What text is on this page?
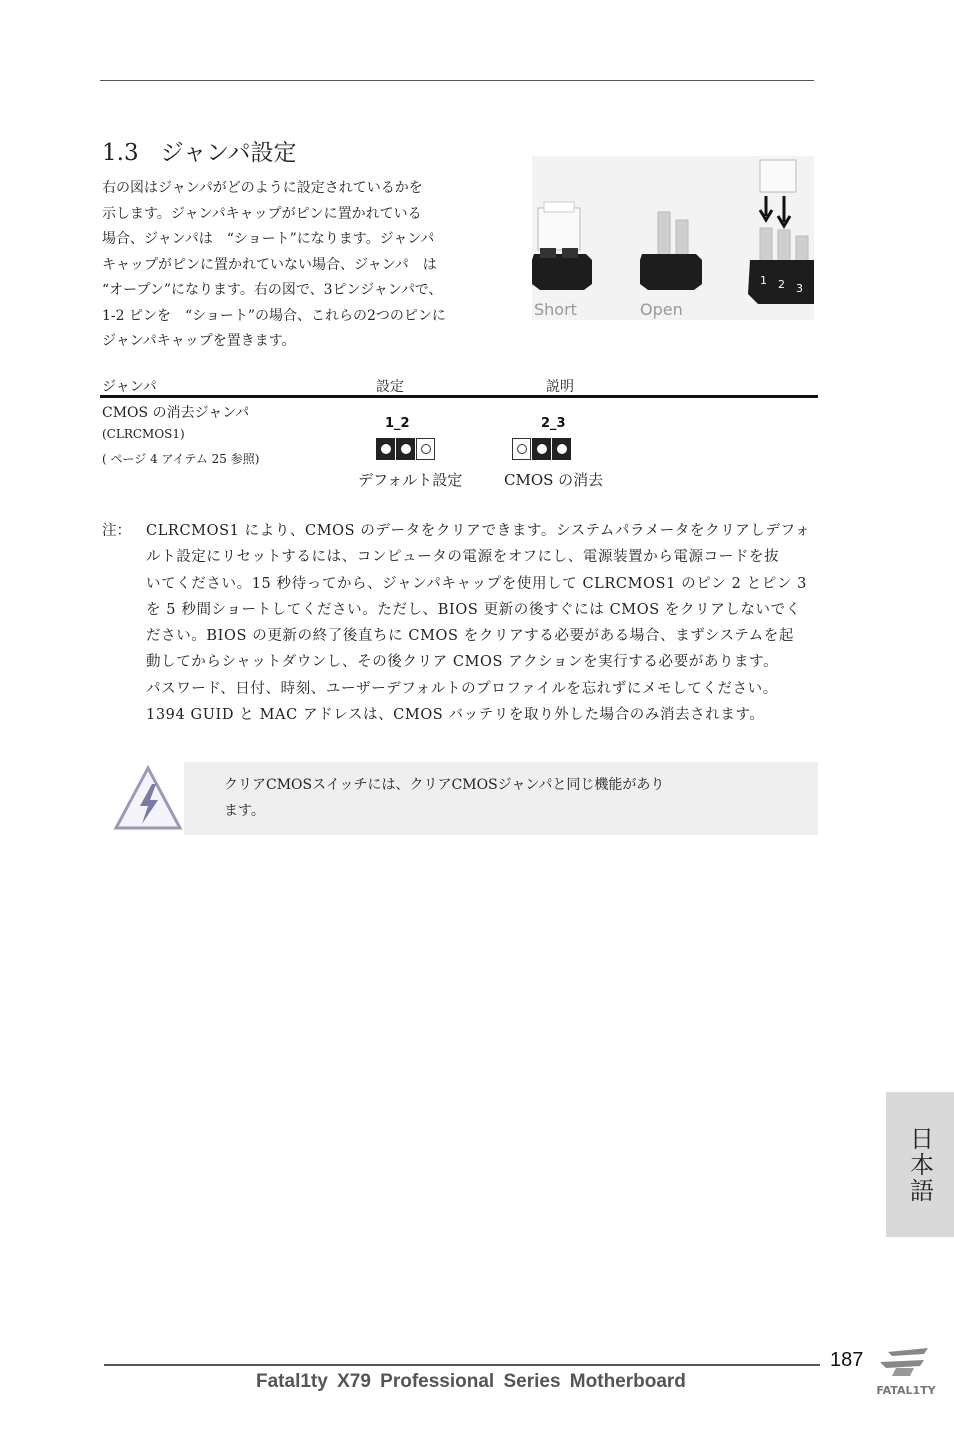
1.3 ジャンパ設定
右の図はジャンパがどのように設定されているかを
示します。ジャンパキャップがピンに置かれている
場合、ジャンパは　“ショート”になります。ジャンパ
キャップがピンに置かれていない場合、ジャンパ　は
“オープン”になります。右の図で、3ピンジャンパで、
1-2 ピンを　“ショート”の場合、これらの2つのピンに
ジャンパキャップを置きます。
1 2 3
Short	Open
ジャンパ	設定	説明
CMOS の消去ジャンパ
(CLRCMOS1)
( ページ 4 アイテム 25 参照)
1_2	2_3
デフォルト設定	CMOS の消去
注： CLRCMOS1 により、CMOS のデータをクリアできます。システムパラメータをクリアしデフォ
ルト設定にリセットするには、コンピュータの電源をオフにし、電源装置から電源コードを抜
いてください。15 秒待ってから、ジャンパキャップを使用して CLRCMOS1 のピン 2 とピン 3
を 5 秒間ショートしてください。ただし、BIOS 更新の後すぐには CMOS をクリアしないでく
ださい。BIOS の更新の終了後直ちに CMOS をクリアする必要がある場合、まずシステムを起
動してからシャットダウンし、その後クリア CMOS アクションを実行する必要があります。
パスワード、日付、時刻、ユーザーデフォルトのプロファイルを忘れずにメモしてください。
1394 GUID と MAC アドレスは、CMOS バッテリを取り外した場合のみ消去されます。
クリアCMOSスイッチには、クリアCMOSジャンパと同じ機能があり
ます。
日本語
187
Fatal1ty X79 Professional Series Motherboard	FATAL1TY
